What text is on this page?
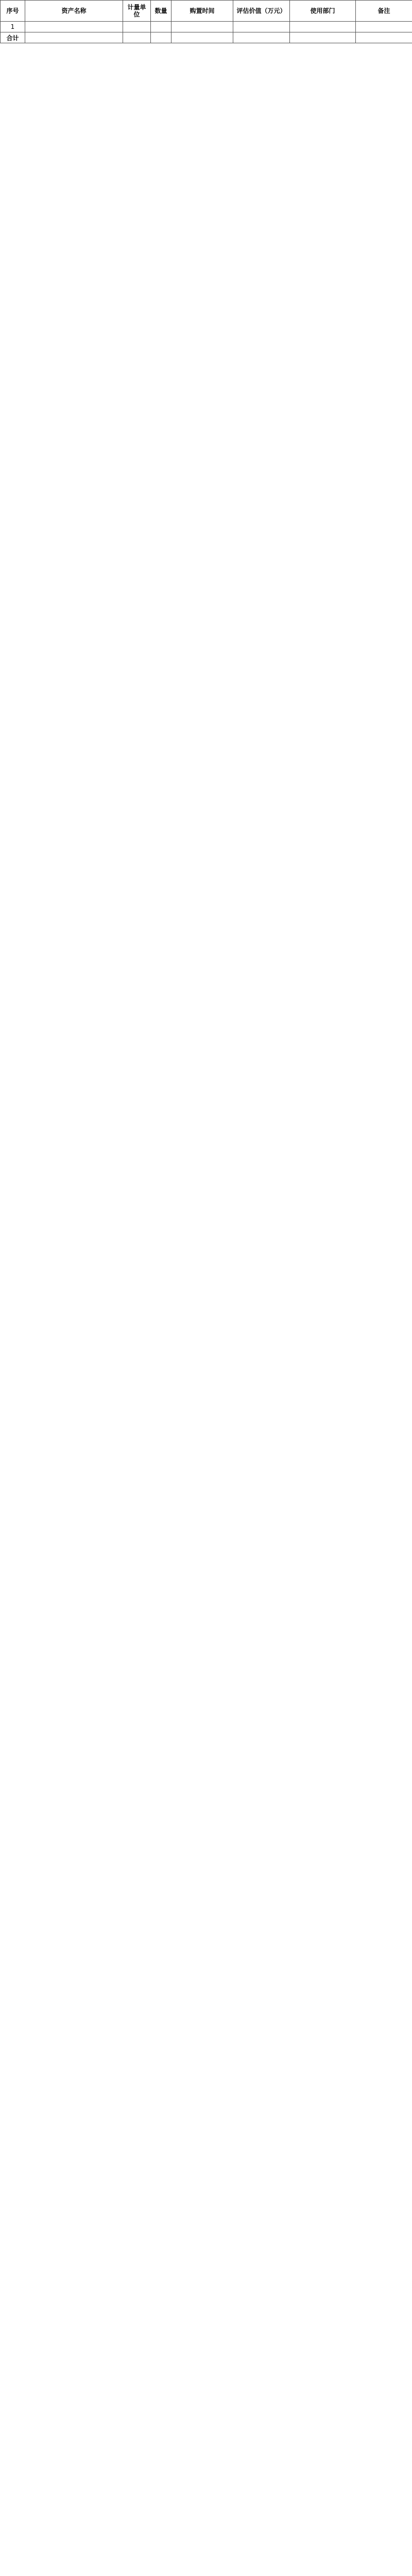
序号	资产名称	计量单位	数量	购置时间	评估价值（万元）	使用部门	备注
1							
合计							
